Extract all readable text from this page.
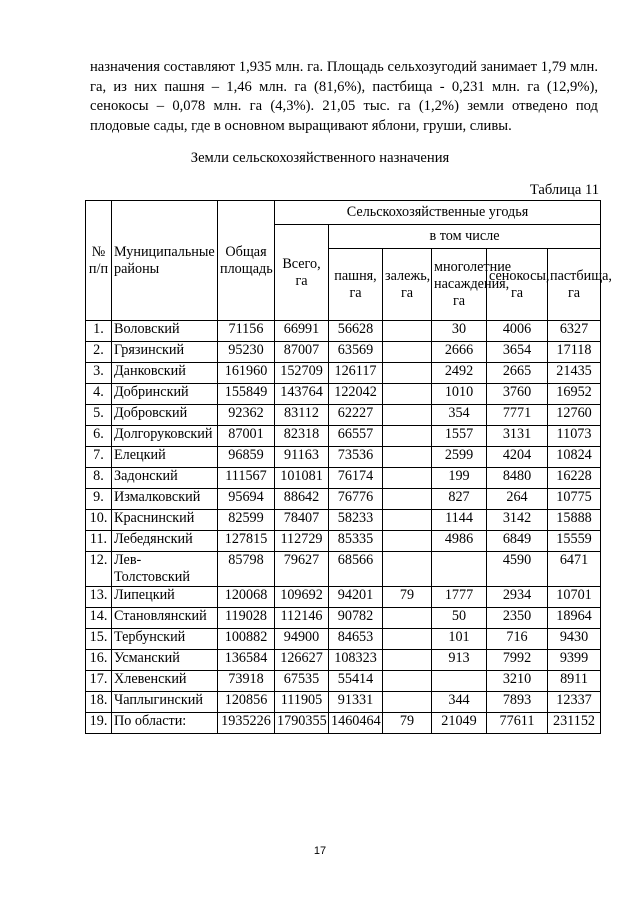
назначения составляют 1,935 млн. га. Площадь сельхозугодий занимает 1,79 млн. га, из них пашня – 1,46 млн. га (81,6%), пастбища - 0,231 млн. га (12,9%), сенокосы – 0,078 млн. га (4,3%). 21,05 тыс. га (1,2%) земли отведено под плодовые сады, где в основном выращивают яблони, груши, сливы.

Земли сельскохозяйственного назначения
Таблица 11
№ п/п	Муниципальные районы	Общая площадь	Сельскохозяйственные угодья					
			Всего, га	в том числе				
				пашня, га	залежь, га	многолетние насаждения, га	сенокосы, га	пастбища, га
1.	Воловский	71156	66991	56628		30	4006	6327
2.	Грязинский	95230	87007	63569		2666	3654	17118
3.	Данковский	161960	152709	126117		2492	2665	21435
4.	Добринский	155849	143764	122042		1010	3760	16952
5.	Добровский	92362	83112	62227		354	7771	12760
6.	Долгоруковский	87001	82318	66557		1557	3131	11073
7.	Елецкий	96859	91163	73536		2599	4204	10824
8.	Задонский	111567	101081	76174		199	8480	16228
9.	Измалковский	95694	88642	76776		827	264	10775
10.	Краснинский	82599	78407	58233		1144	3142	15888
11.	Лебедянский	127815	112729	85335		4986	6849	15559
12.	Лев-Толстовский	85798	79627	68566			4590	6471
13.	Липецкий	120068	109692	94201	79	1777	2934	10701
14.	Становлянский	119028	112146	90782		50	2350	18964
15.	Тербунский	100882	94900	84653		101	716	9430
16.	Усманский	136584	126627	108323		913	7992	9399
17.	Хлевенский	73918	67535	55414			3210	8911
18.	Чаплыгинский	120856	111905	91331		344	7893	12337
19.	По области:	1935226	1790355	1460464	79	21049	77611	231152
17
